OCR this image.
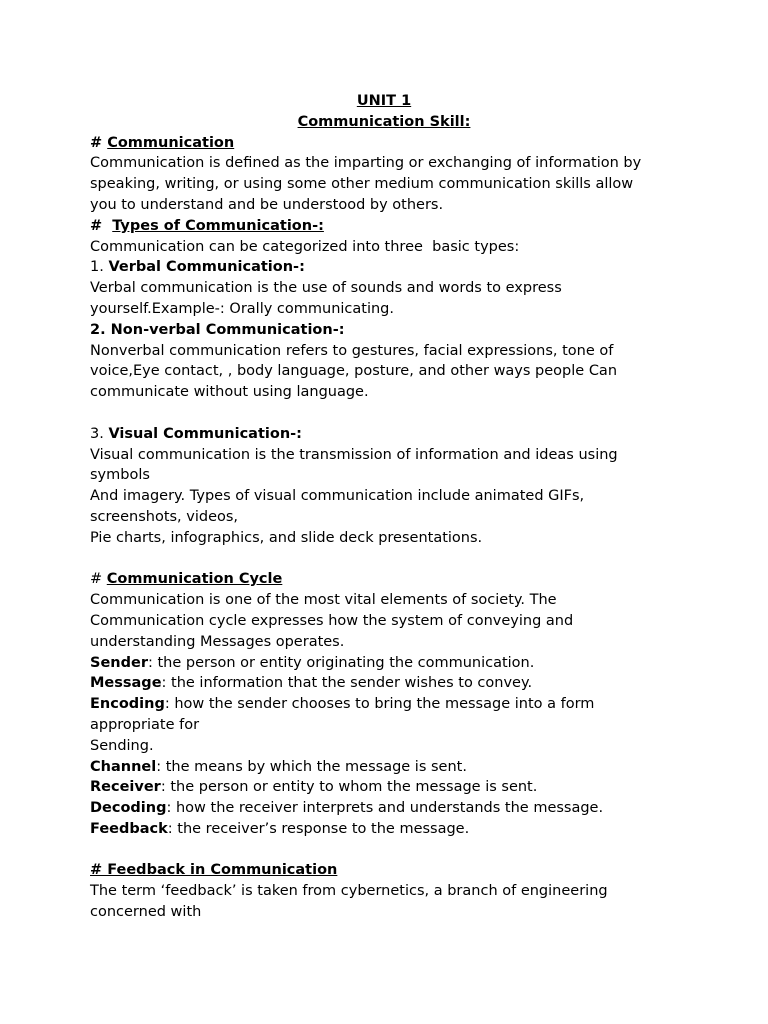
UNIT 1
Communication Skill:
# Communication
Communication is defined as the imparting or exchanging of information by
speaking, writing, or using some other medium communication skills allow
you to understand and be understood by others.
#  Types of Communication-:
Communication can be categorized into three  basic types:
1. Verbal Communication-:
Verbal communication is the use of sounds and words to express
yourself.Example-: Orally communicating.
2. Non-verbal Communication-:
Nonverbal communication refers to gestures, facial expressions, tone of
voice,Eye contact, , body language, posture, and other ways people Can
communicate without using language.
3. Visual Communication-:
Visual communication is the transmission of information and ideas using
symbols
And imagery. Types of visual communication include animated GIFs,
screenshots, videos,
Pie charts, infographics, and slide deck presentations.
# Communication Cycle
Communication is one of the most vital elements of society. The
Communication cycle expresses how the system of conveying and
understanding Messages operates.
Sender: the person or entity originating the communication.
Message: the information that the sender wishes to convey.
Encoding: how the sender chooses to bring the message into a form
appropriate for
Sending.
Channel: the means by which the message is sent.
Receiver: the person or entity to whom the message is sent.
Decoding: how the receiver interprets and understands the message.
Feedback: the receiver’s response to the message.
# Feedback in Communication
The term ‘feedback’ is taken from cybernetics, a branch of engineering
concerned with
